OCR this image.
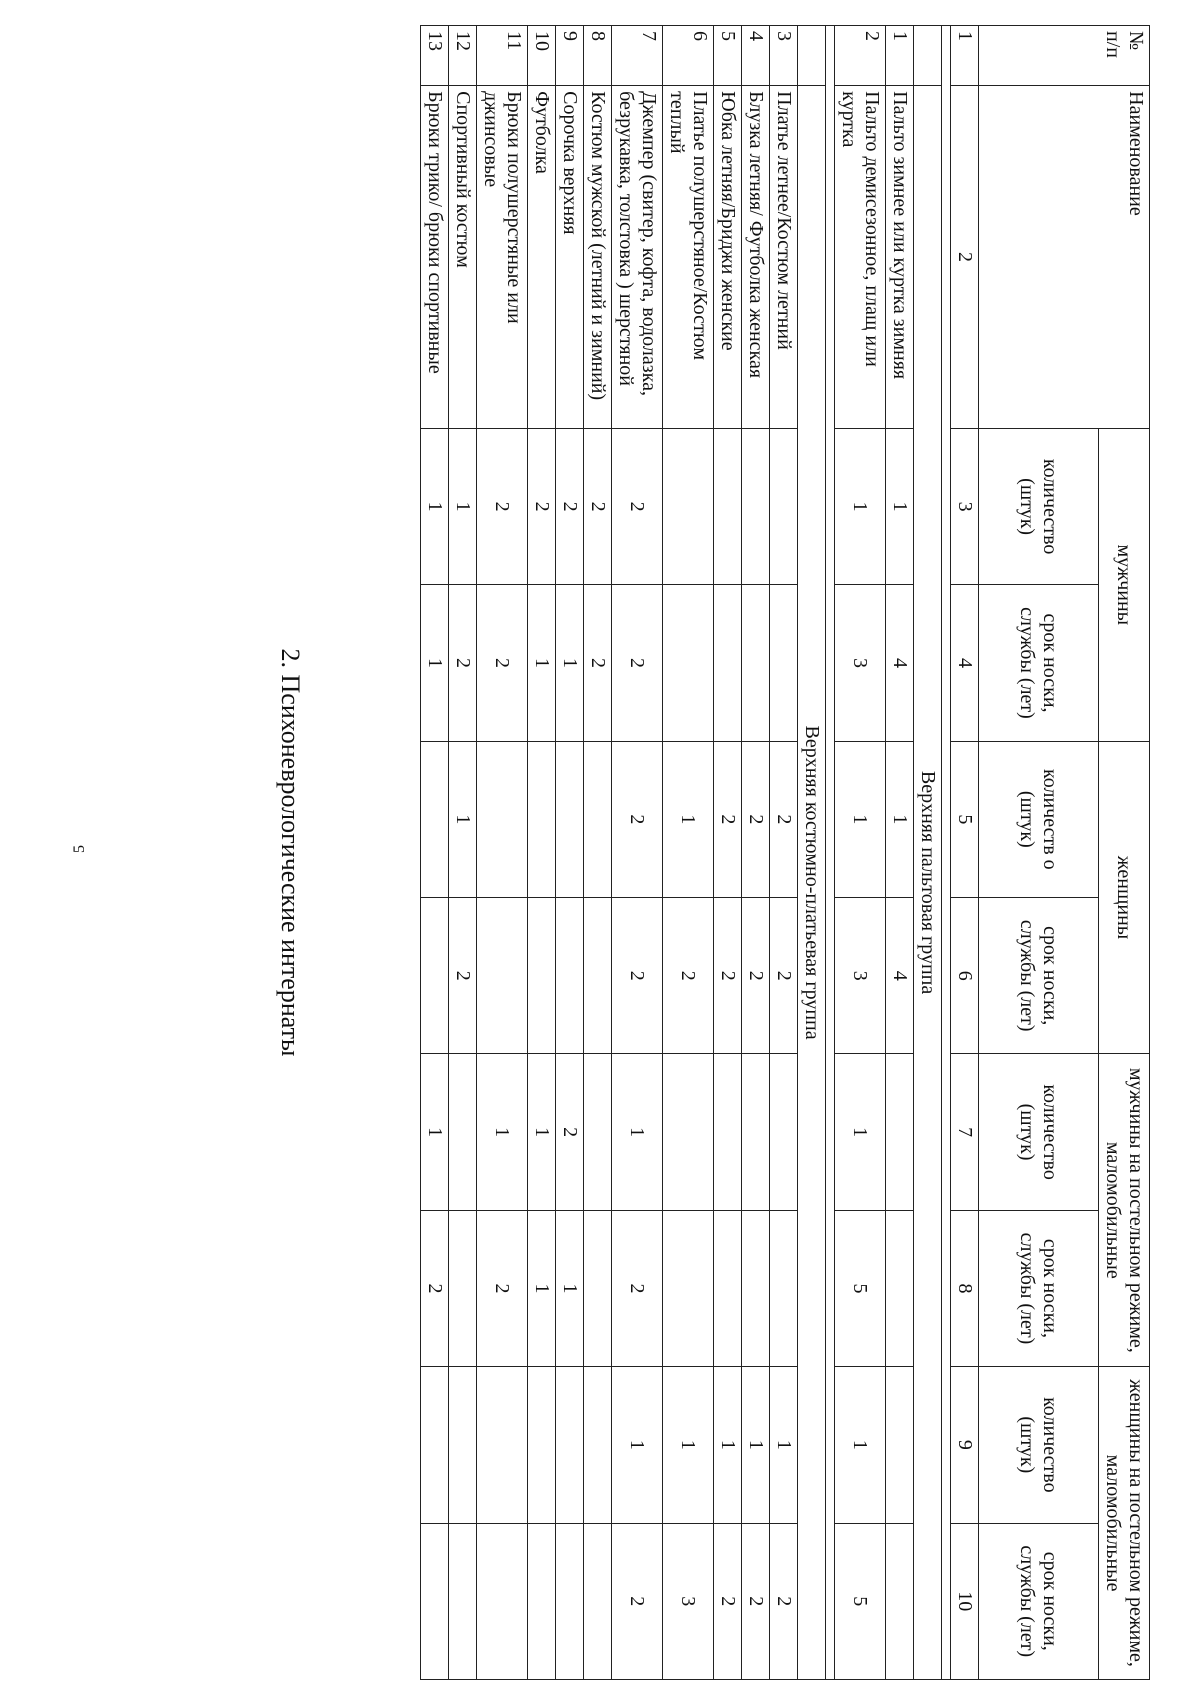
5
№
п/п	Наименование	мужчины		женщины		мужчины на постельном режиме, маломобильные		женщины на постельном режиме, маломобильные	
		количество (штук)	срок носки, службы (лет)	количеств о (штук)	срок носки, службы (лет)	количество (штук)	срок носки, службы (лет)	количество (штук)	срок носки, службы (лет)
1	2	3	4	5	6	7	8	9	10

	Верхняя пальтовая группа								
1	Пальто зимнее или куртка зимняя	1	4	1	4				
2	Пальто демисезонное, плащ или куртка	1	3	1	3	1	5	1	5

	Верхняя костюмно-платьевая группа								
3	Платье летнее/Костюм летний			2	2			1	2
4	Блузка летняя/ Футболка женская			2	2			1	2
5	Юбка летняя/Бриджи женские			2	2			1	2
6	Платье полушерстяное/Костюм теплый			1	2			1	3
7	Джемпер (свитер, кофта, водолазка, безрукавка, толстовка ) шерстяной	2	2	2	2	1	2	1	2
8	Костюм мужской (летний и зимний)	2	2						
9	Сорочка верхняя	2	1			2	1		
10	Футболка	2	1			1	1		
11	Брюки полушерстяные или джинсовые	2	2			1	2		
12	Спортивный костюм	1	2	1	2				
13	Брюки трико/ брюки спортивные	1	1			1	2		
2. Психоневрологические интернаты
